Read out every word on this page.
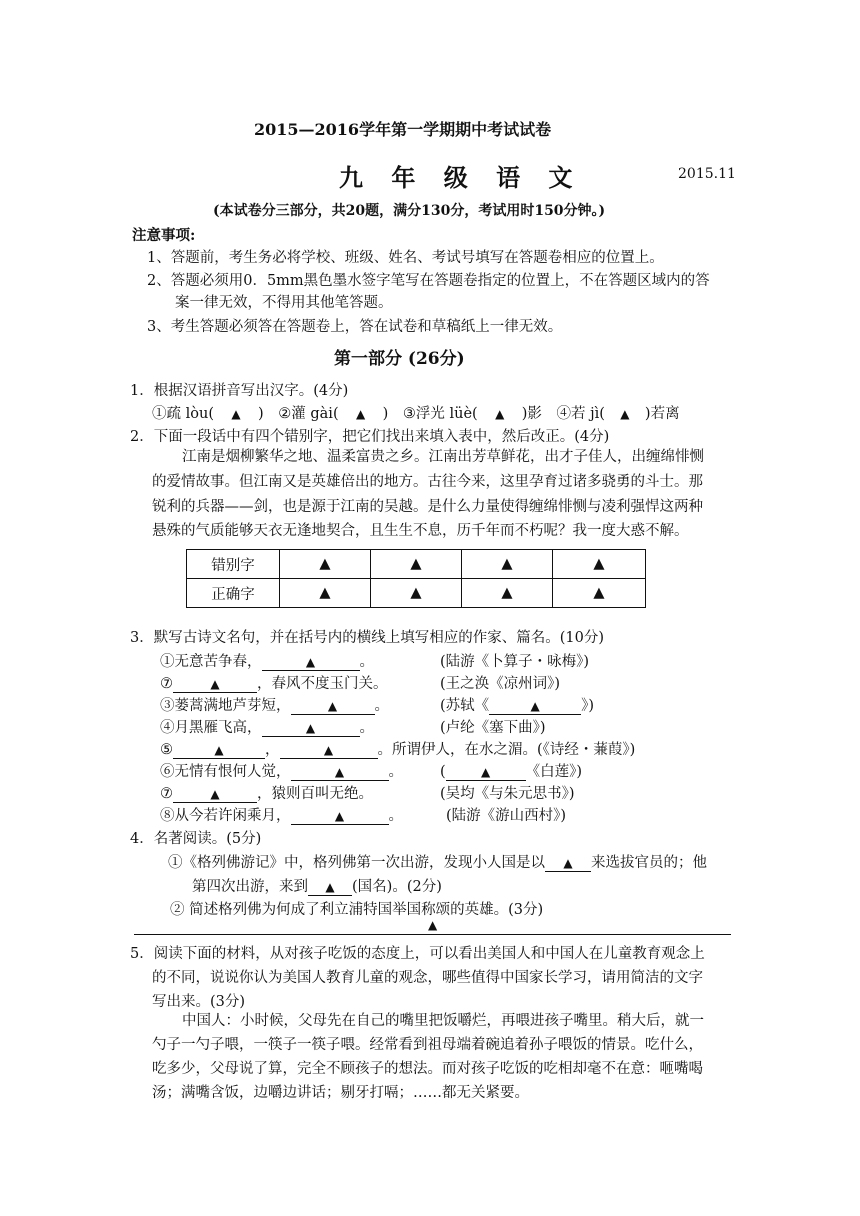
2015—2016学年第一学期期中考试试卷
九 年 级 语 文	2015.11
(本试卷分三部分，共20题，满分130分，考试用时150分钟。)
注意事项:
1、答题前，考生务必将学校、班级、姓名、考试号填写在答题卷相应的位置上。
2、答题必须用0．5mm黑色墨水签字笔写在答题卷指定的位置上，不在答题区域内的答
案一律无效，不得用其他笔答题。
3、考生答题必须答在答题卷上，答在试卷和草稿纸上一律无效。
第一部分 (26分)
1．根据汉语拼音写出汉字。(4分)
①疏 lòu( ▲ ) ②灌 gài( ▲ ) ③浮光 lüè( ▲ )影 ④若 jì( ▲ )若离
2．下面一段话中有四个错别字，把它们找出来填入表中，然后改正。(4分)
江南是烟柳繁华之地、温柔富贵之乡。江南出芳草鲜花，出才子佳人，出缠绵悱恻
的爱情故事。但江南又是英雄倍出的地方。古往今来，这里孕育过诸多骁勇的斗士。那
锐利的兵器——剑，也是源于江南的吴越。是什么力量使得缠绵悱恻与凌利强悍这两种
悬殊的气质能够天衣无逢地契合，且生生不息，历千年而不朽呢？我一度大惑不解。
错别字	▲	▲	▲	▲
正确字	▲	▲	▲	▲
3．默写古诗文名句，并在括号内的横线上填写相应的作家、篇名。(10分)
①无意苦争春，	▲	。	(陆游《卜算子・咏梅》)
⑦	▲	，春风不度玉门关。	(王之涣《凉州词》)
③蒌蒿满地芦芽短，	▲	。	(苏轼《	▲	》)
④月黑雁飞高，	▲	。	(卢纶《塞下曲》)
⑤	▲	，	▲	。所谓伊人，在水之湄。(《诗经・蒹葭》)
⑥无情有恨何人觉，	▲	。	(	▲ 《白莲》)
⑦	▲	，猿则百叫无绝。	(吴均《与朱元思书》)
⑧从今若许闲乘月，	▲	。	(陆游《游山西村》)
4．名著阅读。(5分)
①《格列佛游记》中，格列佛第一次出游，发现小人国是以 ▲ 来选拔官员的；他
第四次出游，来到 ▲ (国名)。(2分)
② 简述格列佛为何成了利立浦特国举国称颂的英雄。(3分)
▲
5．阅读下面的材料，从对孩子吃饭的态度上，可以看出美国人和中国人在儿童教育观念上
的不同，说说你认为美国人教育儿童的观念，哪些值得中国家长学习，请用简洁的文字
写出来。(3分)
中国人：小时候，父母先在自己的嘴里把饭嚼烂，再喂进孩子嘴里。稍大后，就一
勺子一勺子喂，一筷子一筷子喂。经常看到祖母端着碗追着孙子喂饭的情景。吃什么，
吃多少，父母说了算，完全不顾孩子的想法。而对孩子吃饭的吃相却毫不在意：咂嘴喝
汤；满嘴含饭，边嚼边讲话；剔牙打嗝；……都无关紧要。
